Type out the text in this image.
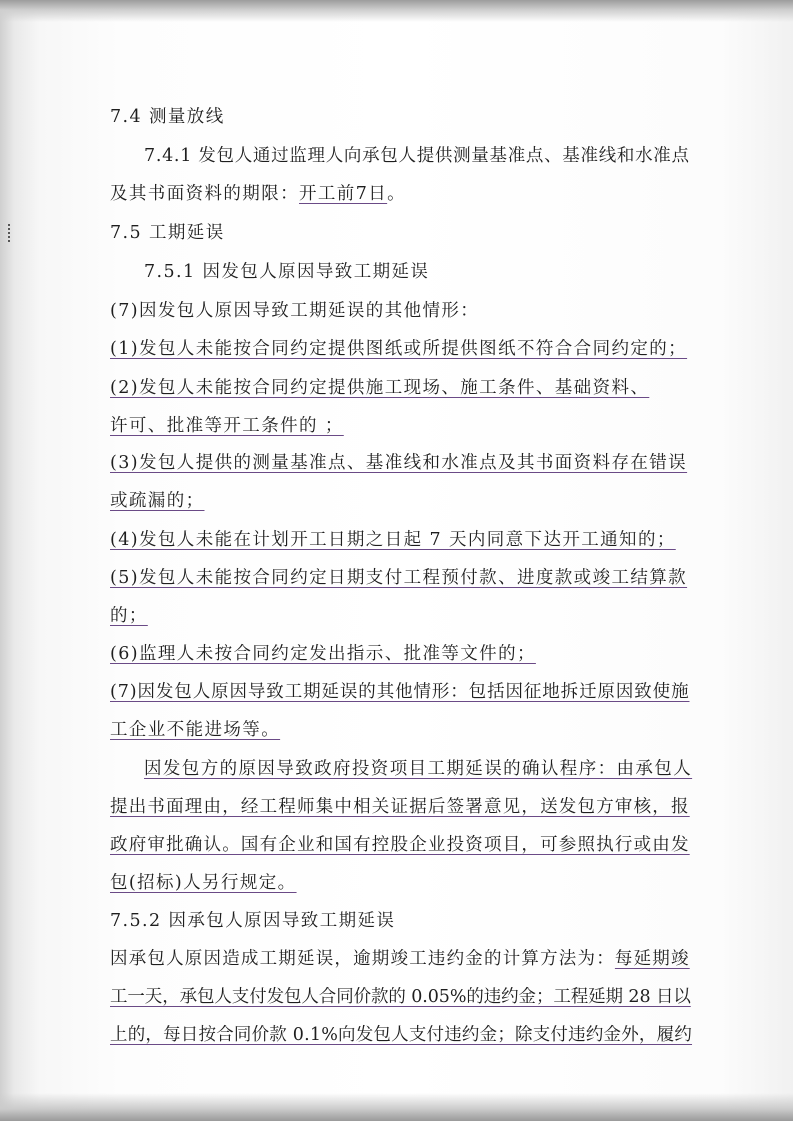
7.4 测量放线
7.4.1 发包人通过监理人向承包人提供测量基准点、基准线和水准点
及其书面资料的期限：开工前7日。
7.5 工期延误
7.5.1 因发包人原因导致工期延误
(7)因发包人原因导致工期延误的其他情形：
(1)发包人未能按合同约定提供图纸或所提供图纸不符合合同约定的；
(2)发包人未能按合同约定提供施工现场、施工条件、基础资料、
许可、批准等开工条件的 ；
(3)发包人提供的测量基准点、基准线和水准点及其书面资料存在错误
或疏漏的；
(4)发包人未能在计划开工日期之日起 7 天内同意下达开工通知的；
(5)发包人未能按合同约定日期支付工程预付款、进度款或竣工结算款
的；
(6)监理人未按合同约定发出指示、批准等文件的；
(7)因发包人原因导致工期延误的其他情形：包括因征地拆迁原因致使施
工企业不能进场等。
因发包方的原因导致政府投资项目工期延误的确认程序：由承包人
提出书面理由，经工程师集中相关证据后签署意见，送发包方审核，报
政府审批确认。国有企业和国有控股企业投资项目，可参照执行或由发
包(招标)人另行规定。
7.5.2 因承包人原因导致工期延误
因承包人原因造成工期延误，逾期竣工违约金的计算方法为：每延期竣
工一天，承包人支付发包人合同价款的 0.05%的违约金；工程延期 28 日以
上的，每日按合同价款 0.1%向发包人支付违约金；除支付违约金外，履约
